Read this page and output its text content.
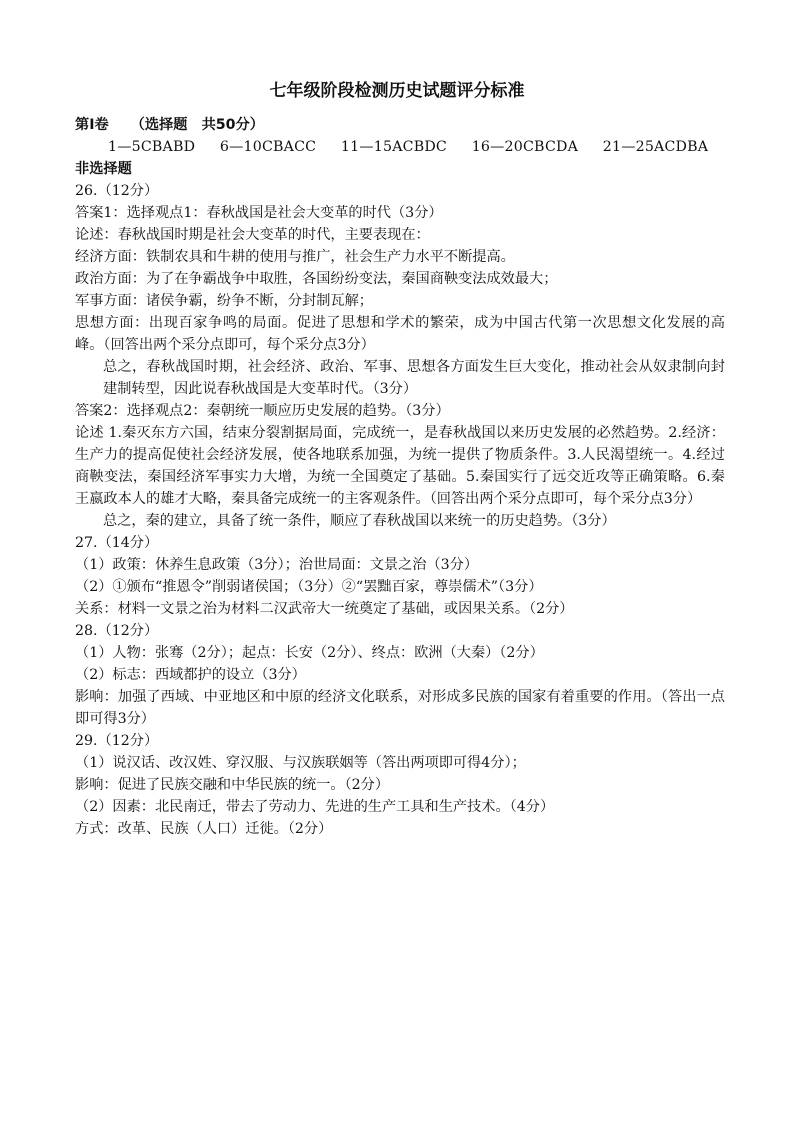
七年级阶段检测历史试题评分标准
第Ⅰ卷 （选择题　共50分）
1—5CBABD 6—10CBACC 11—15ACBDC 16—20CBCDA 21—25ACDBA
非选择题
26.（12分）
答案1：选择观点1：春秋战国是社会大变革的时代（3分）
论述：春秋战国时期是社会大变革的时代，主要表现在：
经济方面：铁制农具和牛耕的使用与推广，社会生产力水平不断提高。
政治方面：为了在争霸战争中取胜，各国纷纷变法，秦国商鞅变法成效最大；
军事方面：诸侯争霸，纷争不断，分封制瓦解；
思想方面：出现百家争鸣的局面。促进了思想和学术的繁荣，成为中国古代第一次思想文化发展的高峰。（回答出两个采分点即可，每个采分点3分）
总之，春秋战国时期，社会经济、政治、军事、思想各方面发生巨大变化，推动社会从奴隶制向封建制转型，因此说春秋战国是大变革时代。（3分）
答案2：选择观点2：秦朝统一顺应历史发展的趋势。（3分）
论述 1.秦灭东方六国，结束分裂割据局面，完成统一，是春秋战国以来历史发展的必然趋势。2.经济：生产力的提高促使社会经济发展，使各地联系加强，为统一提供了物质条件。3.人民渴望统一。4.经过商鞅变法，秦国经济军事实力大增，为统一全国奠定了基础。5.秦国实行了远交近攻等正确策略。6.秦王嬴政本人的雄才大略，秦具备完成统一的主客观条件。（回答出两个采分点即可，每个采分点3分）
总之，秦的建立，具备了统一条件，顺应了春秋战国以来统一的历史趋势。（3分）
27.（14分）
（1）政策：休养生息政策（3分）；治世局面：文景之治（3分）
（2）①颁布“推恩令”削弱诸侯国；（3分）②“罢黜百家，尊崇儒术”（3分）
关系：材料一文景之治为材料二汉武帝大一统奠定了基础，或因果关系。（2分）
28.（12分）
（1）人物：张骞（2分）；起点：长安（2分）、终点：欧洲（大秦）（2分）
（2）标志：西域都护的设立（3分）
影响：加强了西域、中亚地区和中原的经济文化联系，对形成多民族的国家有着重要的作用。（答出一点即可得3分）
29.（12分）
（1）说汉话、改汉姓、穿汉服、与汉族联姻等（答出两项即可得4分）；
影响：促进了民族交融和中华民族的统一。（2分）
（2）因素：北民南迁，带去了劳动力、先进的生产工具和生产技术。（4分）
方式：改革、民族（人口）迁徙。（2分）
